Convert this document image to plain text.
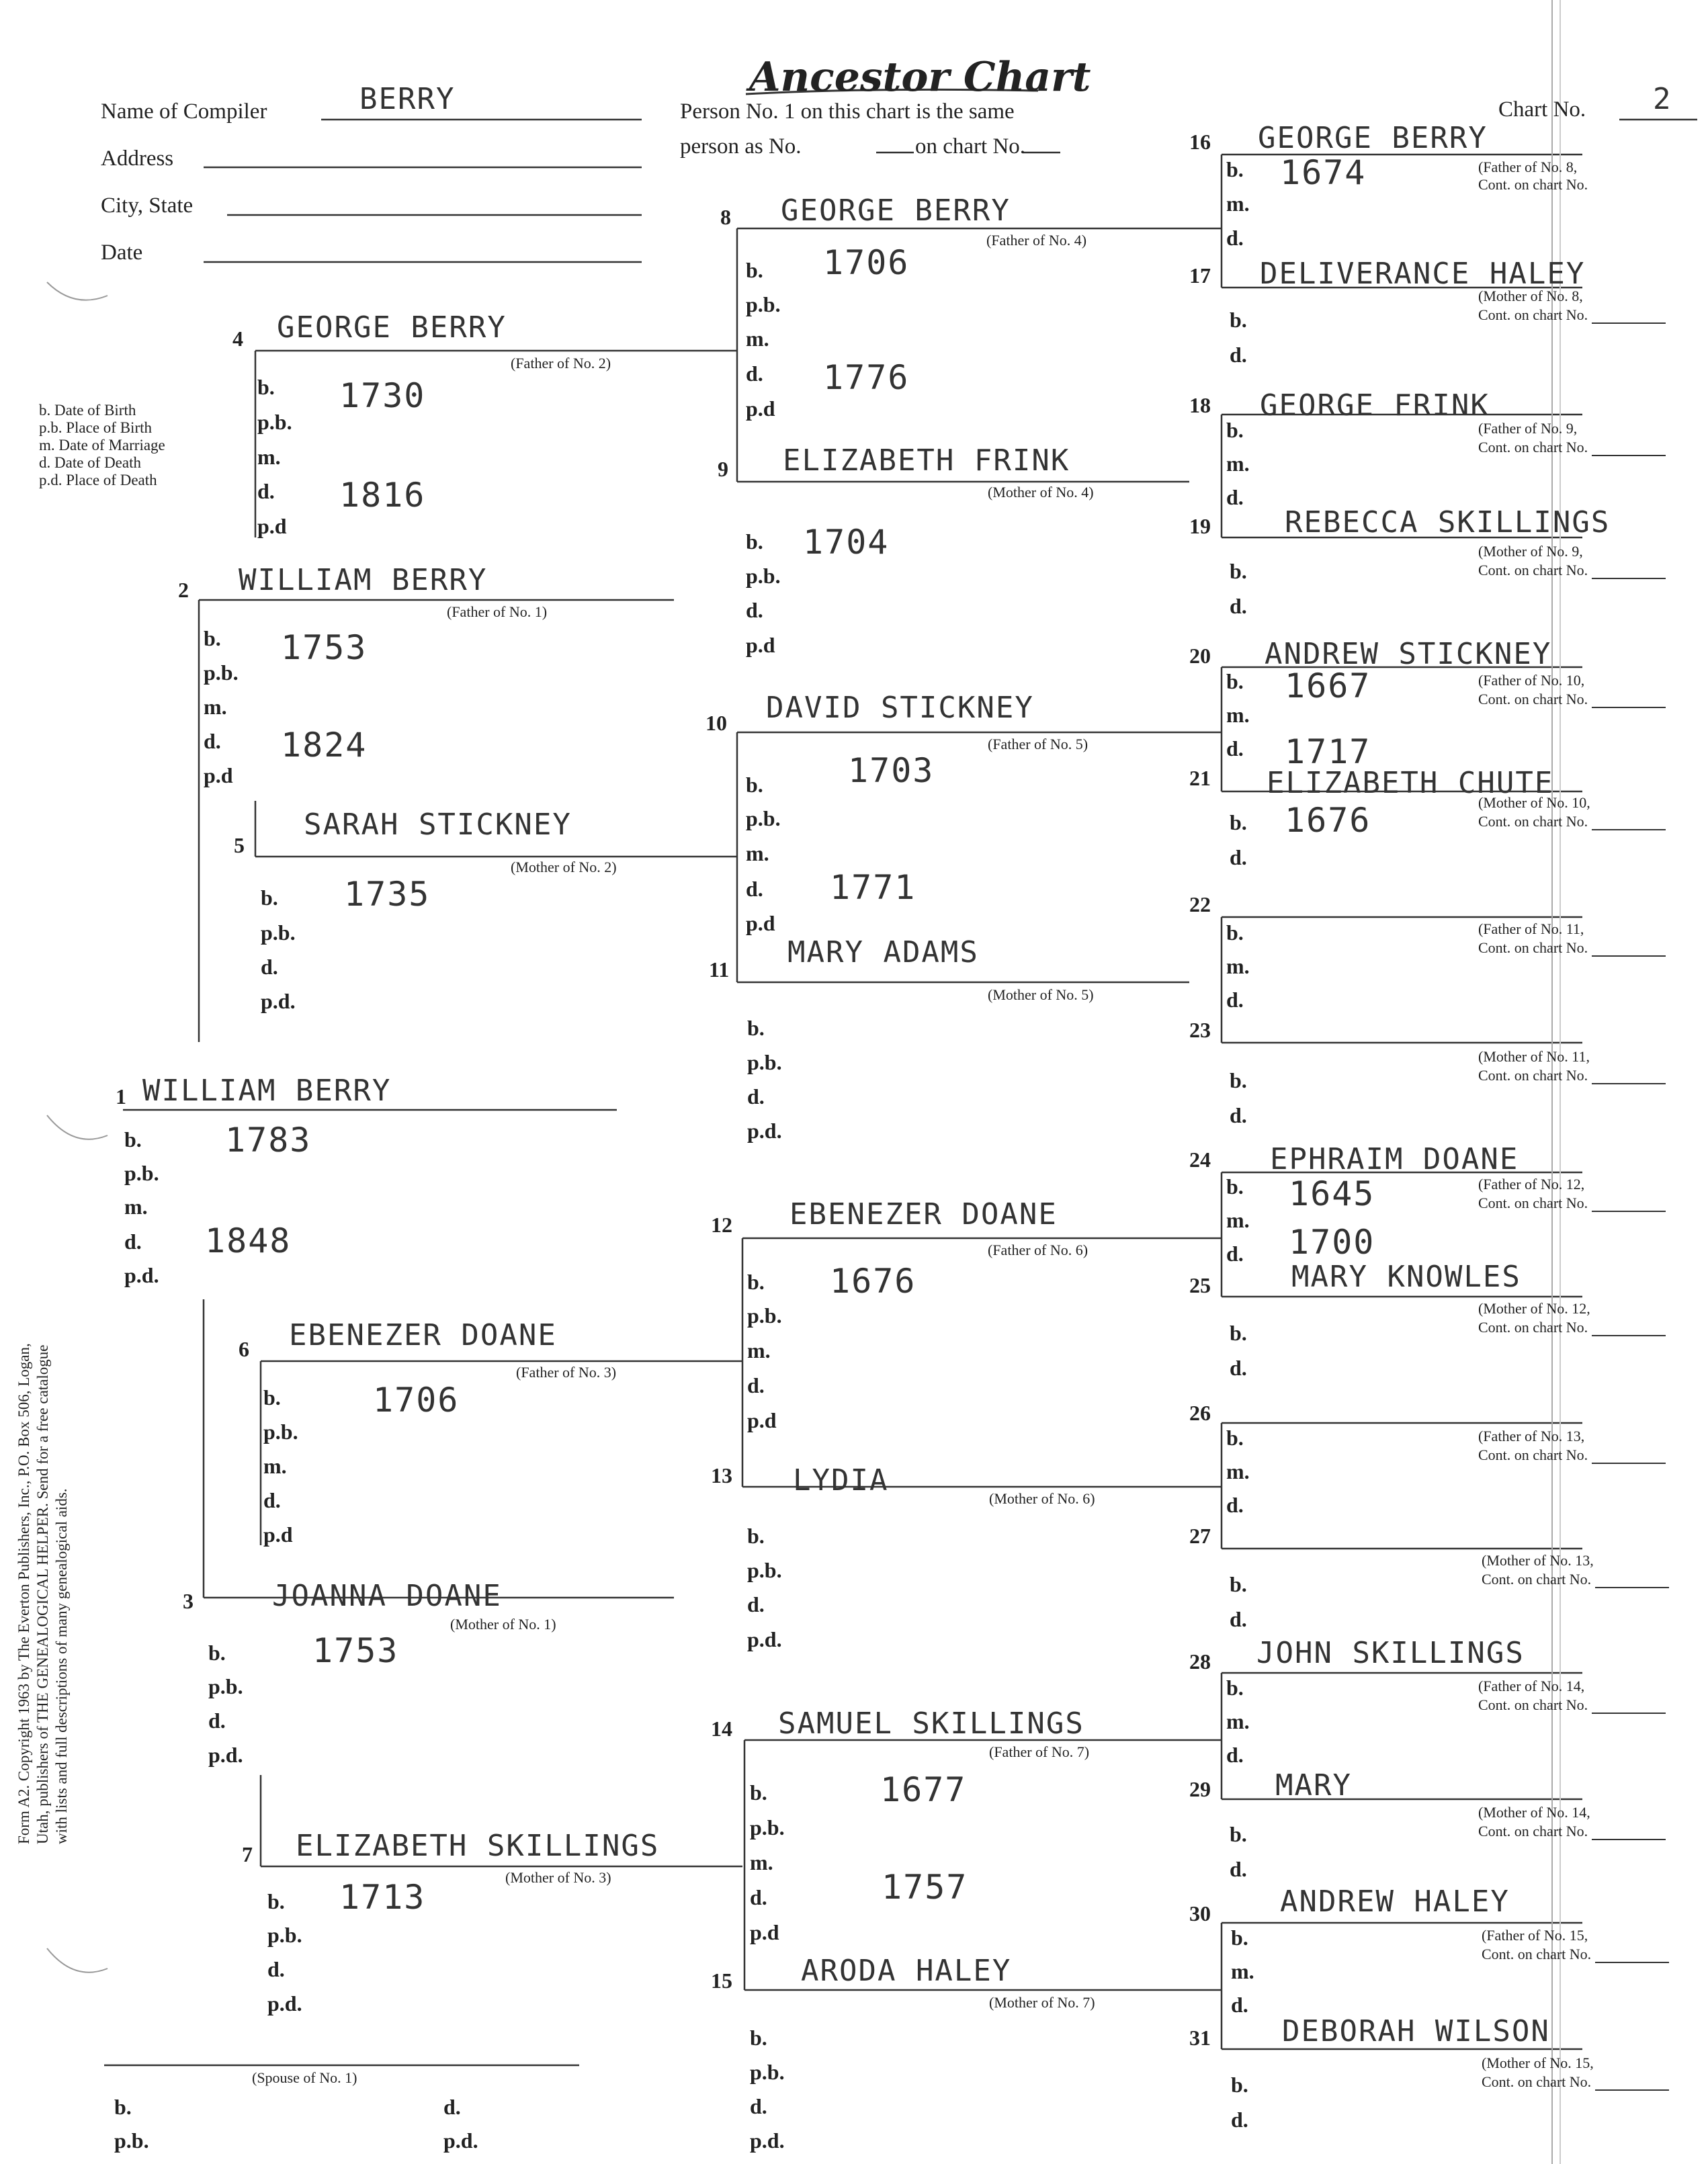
Ancestor Chart
Name of Compiler	BERRY
Address
City, State
Date
Person No. 1 on this chart is the same
person as No.	on chart No.
Chart No. 2
b. Date of Birth
p.b. Place of Birth
m. Date of Marriage
d. Date of Death
p.d. Place of Death
Form A2. Copyright 1963 by The Everton Publishers, Inc., P.O. Box 506, Logan, Utah, publishers of THE GENEALOGICAL HELPER. Send for a free catalogue with lists and full descriptions of many genealogical aids.
1 WILLIAM BERRY
b. 1783
p.b.
m.
d. 1848
p.d.
(Spouse of No. 1)
b.	d.
p.b.	p.d.
2 WILLIAM BERRY
(Father of No. 1)
b. 1753
p.b.
m.
d. 1824
p.d
3	JOANNA DOANE
(Mother of No. 1)
b.	1753
p.b.
d.
p.d.
4 GEORGE BERRY
(Father of No. 2)
b. 1730
p.b.
m.
d. 1816
p.d
5
SARAH STICKNEY
(Mother of No. 2)
b. 1735
p.b.
d.
p.d.
6 EBENEZER DOANE
(Father of No. 3)
b.	1706
p.b.
m.
d.
p.d
7 ELIZABETH SKILLINGS
(Mother of No. 3)
b. 1713
p.b.
d.
p.d.
8 GEORGE BERRY
(Father of No. 4)
b. 1706
p.b.
m.
d. 1776
p.d
9 ELIZABETH FRINK
(Mother of No. 4)
b. 1704
p.b.
d.
p.d
10 DAVID STICKNEY
(Father of No. 5)
b.	1703
p.b.
m.
d. 1771
p.d
11 MARY ADAMS
(Mother of No. 5)
b.
p.b.
d.
p.d.
12 EBENEZER DOANE
(Father of No. 6)
b. 1676
p.b.
m.
d.
p.d
13 LYDIA
(Mother of No. 6)
b.
p.b.
d.
p.d.
14 SAMUEL SKILLINGS
(Father of No. 7)
b.	1677
p.b.
m.
d.	1757
p.d
15 ARODA HALEY
(Mother of No. 7)
b.
p.b.
d.
p.d.
16 GEORGE BERRY
b. 1674
m.
d.
(Father of No. 8,
Cont. on chart No.
17 DELIVERANCE HALEY
(Mother of No. 8,
Cont. on chart No.
b.
d.
18 GEORGE FRINK
b.
m.
d.
(Father of No. 9,
Cont. on chart No.
19	REBECCA SKILLINGS
(Mother of No. 9,
Cont. on chart No.
b.
d.
20 ANDREW STICKNEY
b. 1667
m.
d. 1717
(Father of No. 10,
Cont. on chart No.
21 ELIZABETH CHUTE
(Mother of No. 10,
Cont. on chart No.
b. 1676
d.
22
b.
m.
d.
(Father of No. 11,
Cont. on chart No.
23
(Mother of No. 11,
Cont. on chart No.
b.
d.
24 EPHRAIM DOANE
b. 1645
m.
d. 1700
(Father of No. 12,
Cont. on chart No.
25	MARY KNOWLES
(Mother of No. 12,
Cont. on chart No.
b.
d.
26
b.
m.
d.
(Father of No. 13,
Cont. on chart No.
27
(Mother of No. 13,
Cont. on chart No.
b.
d.
28 JOHN SKILLINGS
b.
m.
d.
(Father of No. 14,
Cont. on chart No.
29 MARY
(Mother of No. 14,
Cont. on chart No.
b.
d.
30 ANDREW HALEY
b.
m.
d.
(Father of No. 15,
Cont. on chart No.
31 DEBORAH WILSON
(Mother of No. 15,
Cont. on chart No.
b.
d.
